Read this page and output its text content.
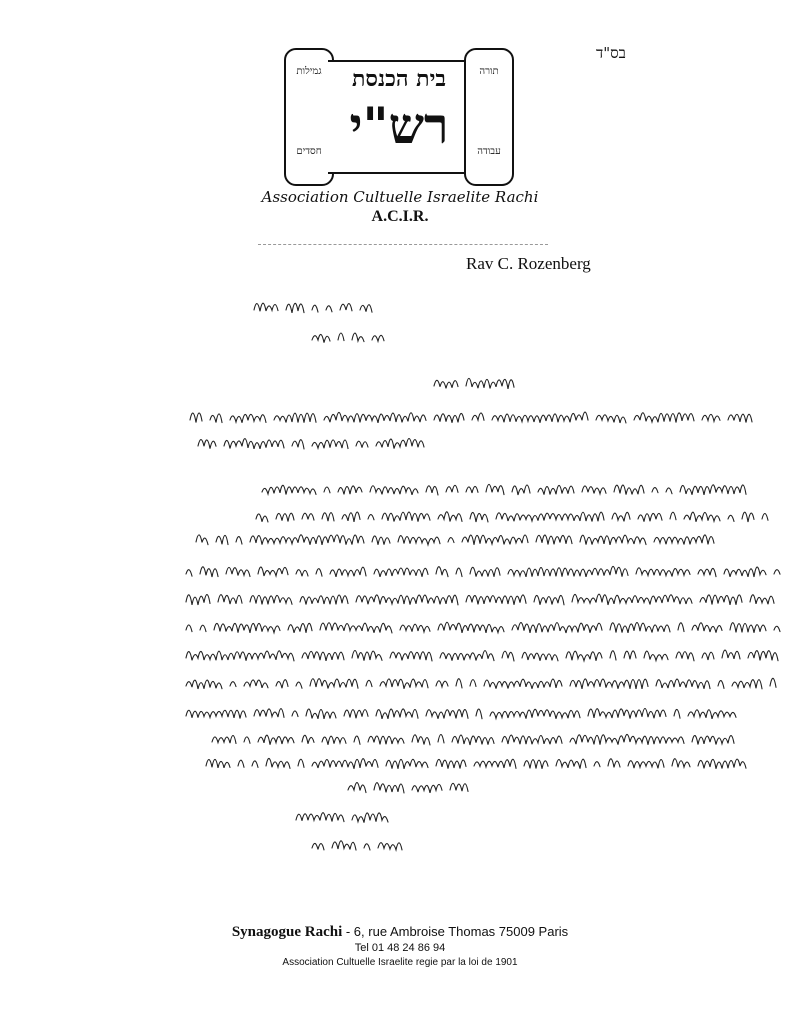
בס"ד
גמילות
חסדים
בית הכנסת
רש"י
תורה
עבודה
Association Cultuelle Israelite Rachi
A.C.I.R.
Rav C. Rozenberg
Synagogue Rachi - 6, rue Ambroise Thomas 75009 Paris
Tel 01 48 24 86 94
Association Cultuelle Israelite regie par la loi de 1901
